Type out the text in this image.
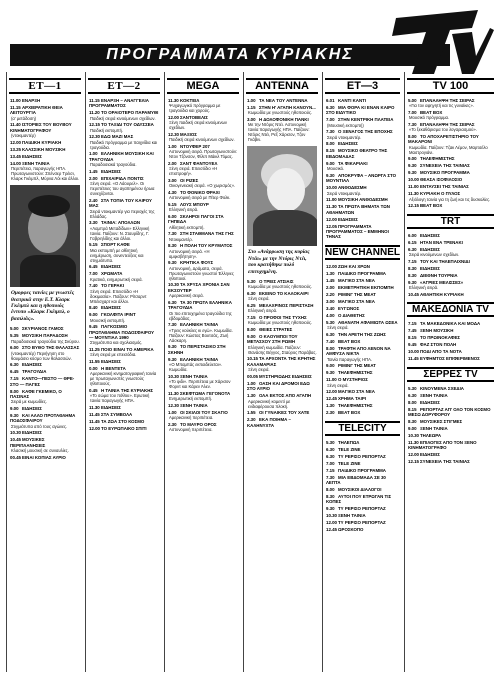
ΠΡΟΓΡΑΜΜΑΤΑ ΚΥΡΙΑΚΗΣ
ΕΤ—1
11.00ΕΝΑΡΞΗ
11.15ΑΡΧΙΕΡΑΤΙΚΗ ΘΕΙΑ ΛΕΙΤΟΥΡΓΙΑ
(α' μετάδοση)
11.40ΙΣΤΟΡΙΕΣ ΤΟΥ ΒΟΥΒΟΥ ΚΙΝΗΜΑΤΟΓΡΑΦΟΥ
(ντοκιμαντέρ)
12.00ΠΑΙΔΙΚΗ ΚΥΡΙΑΚΗ
13.25ΚΛΑΣΣΙΚΗ ΜΟΥΣΙΚΗ
13.45ΕΙΔΗΣΕΙΣ
14.00ΞΕΝΗ ΤΑΙΝΙΑ
Περιπέτεια, παραγωγής ΗΠΑ. Πρωταγωνιστούν: Σπένσερ Τρέισι, Κλαρκ Γκέιμπλ, Μύρνα Λόι και άλλοι.
Ομορφες ταινίες με γνωστές θεατρικά στην Ε.Τ. Κλαρκ Γκέιμπλ και η ηθοποιός έντυπο «Κλαρκ Γκέιμπλ, ο βασιλιάς».
5.00 ΣΚΥΡΙΑΝΟΣ ΓΑΜΟΣ
5.35 ΜΟΥΣΙΚΗ ΠΑΡΑΔΟΣΗ
Παραδοσιακά τραγούδια της Σκύρου.
6.00 ΣΤΟ ΒΥΘΟ ΤΗΣ ΘΑΛΑΣΣΑΣ
(ντοκιμαντέρ) Περιήγηση στο θαυμάσιο κόσμο των θαλασσών.
6.30 ΕΙΔΗΣΕΙΣ
6.45 ΤΡΑΓΟΥΔΙΑ
7.15 ΚΑΝΤΟ—ΠΕΣΤΟ — ΘΡΕ-ΣΤΟ — ΠΑΓΕΣ
8.00 ΚΑΦΕ ΓΚΕΜΙΚΟ, Ο ΠΑΣΙΝΑΣ
Σειρά με κωμωδίες.
9.00 ΕΙΔΗΣΕΙΣ
9.30 ΚΑΙ ΑΛΛΟ ΠΡΟΤΑΘΛΗΜΑ ΠΟΔΟΣΦΑΙΡΟΥ
Στιγμιότυπα από τους αγώνες.
10.30ΕΙΔΗΣΕΙΣ
10.45ΜΟΥΣΙΚΕΣ ΠΕΡΙΠΛΑΝΗΣΕΙΣ
Κλασική μουσική σε συναυλίες.
00.45ΕΙΝΑΙ ΚΟΠΙΑΣ ΑΥΡΙΟ
ΕΤ—2
11.15ΕΝΑΡΞΗ – ΑΝΑΓΓΕΛΙΑ ΠΡΟΓΡΑΜΜΑΤΟΣ
11.20ΤΟ ΟΡΑΙΟΤΕΡΟ ΠΑΡΑΜΥΘΙ
Παιδική σειρά κινούμενων σχεδίων.
12.15ΤΟ ΤΑΞΙΔΙ ΤΟΥ ΟΔΥΣΣΕΑ
Παιδική εκπομπή.
12.30ΕΔΩ ΜΑΖΙ ΜΑΣ
Παιδικό πρόγραμμα με παιχνίδια και τραγούδια.
1.00 ΕΛΛΗΝΙΚΗ ΜΟΥΣΙΚΗ ΚΑΙ ΤΡΑΓΟΥΔΙΑ
Παραδοσιακά τραγούδια.
1.45 ΕΙΔΗΣΕΙΣ
2.00 ΕΠΙΧΑΙΡΙΔΑ ΠΟΝΤΙΣ
Ξένη σειρά. «Ο Λάουρελ». Οι περιπέτειες του αγαπημένου ήρωα συνεχίζονται.
2.40 ΣΤΑ ΤΟΠΙΑ ΤΟΥ ΚΑΙΡΟΥ ΜΑΣ
Σειρά ντοκιμαντέρ για περιοχές της Ελλάδας.
3.30 ΤΑΙΝΙΑ: ΑΠΟΛΛΩΝ
«Λαμπρά Μεταδίδων» Ελληνική ταινία. Παίζουν: Ν. Σταυρίδης, Γ. Γαβριηλίδης και άλλοι.
5.15 ΣΠΟΡΤ ΚΑΦΕ
Μια εκπομπή με αθλητική ενημέρωση, συνεντεύξεις και στιγμιότυπα.
6.45 ΕΙΔΗΣΕΙΣ
7.00 ΧΡΩΜΑΤΑ
Κρατικά, ενημερωτική σειρά.
7.40 ΤΟ ΓΕΡΑΚΙ
Ξένη σειρά. Επεισόδιο «Η δοκιμασία». Παίζουν: Ρίτσαρντ Μπέισχαρτ και άλλοι.
8.40 ΕΙΔΗΣΕΙΣ
9.00 ΓΚΟΛΦΙΤΑ ΙΡΙΝΤ
Μουσική εκπομπή.
9.45 ΠΑΓΚΟΣΜΙΟ ΠΡΩΤΑΘΛΗΜΑ ΠΟΔΟΣΦΑΙΡΟΥ — ΜΟΥΝΤΙΑΛ 1990
Στιγμιότυπα και σχολιασμός.
11.25ΠΟΙΟ ΕΙΝΑΙ ΤΟ ΑΜΕΡΙΚΑ
Ξένη σειρά με επεισόδια.
11.55ΕΙΔΗΣΕΙΣ
0.00 Η ΒΕΝΤΕΤΑ
Αμερικανική κινηματογραφική ταινία με πρωταγωνιστές γνωστούς ηθοποιούς.
0.45 Η ΤΑΙΝΙΑ ΤΗΣ ΚΥΡΙΑΚΗΣ
«Το σώμα του πόθου». Ερωτική ταινία παραγωγής ΗΠΑ.
11.30ΕΙΔΗΣΕΙΣ
11.45ΣΤΑ ΣΥΜΒΟΛΑ
11.45ΤΑ ΖΩΑ ΣΤΟ ΚΟΣΜΟ
12.00ΤΟ ΕΥΡΩΠΑΙΚΟ ΣΠΙΤΙ
MEGA
11.30ΚΟΚΤΕΙΛ
Ψυχαγωγικό πρόγραμμα με τραγούδια και χορούς.
12.00ΣΑΝΤΟΒΕΛΙΣ
Ξένη παιδική σειρά κινούμενων σχεδίων.
12.30ΜΑΞΙΟΣ
Παιδική σειρά κινούμενων σχεδίων.
1.00 ΝΤΟΥΦΕΡ 207
Αστυνομική σειρά. Πρωταγωνιστούν: Ντον Τζόνσον, Φίλιπ Μάικλ Τόμας.
2.00 ΣΑΝΤ ΦΑΝΤΟΥΕΛ
Ξένη σειρά. Επεισόδιο «Η επιστροφή».
3.00 ΟΙ ΡΙΖΕΣ
Οικογενειακή σειρά. «Ο χωρισμός».
4.30 ΤΟ ΦΟΝΙΚΟ ΦΡΑΧΙ
Αστυνομική σειρά με Πίτερ Φολκ.
5.15 ΛΟΥΣ ΜΠΟΥΡ
Ελληνική σειρά.
6.00 ΣΚΛΗΡΟΙ ΠΑΓΟΙ ΣΤΑ ΓΗΠΕΔΑ
Αθλητική εκπομπή.
7.30 ΣΤΗ ΣΤΑΘΜΑΝΑ ΤΗΣ ΓΗΣ
Ντοκιμαντέρ.
8.30 Η ΠΟΛΗ ΤΟΥ ΚΡΥΜΑΤΟΣ
Αστυνομική σειρά. «Η αμφισβήτηση».
9.30 ΚΡΗΤΙΚΑ ΦΟΥΣ
Αστυνομική, Δράματα, σειρά. Πρωταγωνιστούν γνωστοί Έλληνες ηθοποιοί.
10.30ΤΑ ΧΡΥΣΑ ΧΡΟΝΙΑ ΣΑΝ ΕΚΣΟΥΤΕΡ
Αμερικανική σειρά.
6.30 ΤΑ 30 ΠΡΩΤΑ ΕΛΛΗΝΙΚΑ ΤΡΑΓΟΥΔΙΑ
Οι πιο επιτυχημένα τραγούδια της εβδομάδας.
7.30 ΕΛΛΗΝΙΚΗ ΤΑΙΝΙΑ
«Τρεις κούκλες κι εγώ». Κωμωδία. Παίζουν: Κώστας Βουτσάς, Ζωή Λάσκαρη.
9.30 ΤΟ ΠΕΡΙΣΤΑΣΙΚΟ ΣΤΗ ΣΚΗΝΗ
9.30 ΕΛΛΗΝΙΚΗ ΤΑΙΝΙΑ
«Ο Μπαμπάς εκπαιδεύεται». Κωμωδία.
10.30ΞΕΝΗ ΤΑΙΝΙΑ
«Το φιδι». Περιπέτεια με Χάρισον Φορντ και Κάρεν Άλεν.
11.30ΣΚΕΦΤΩΜΑ ΓΕΓΟΝΟΤΑ
Ενημερωτική εκπομπή.
12.30ΞΕΝΗ ΤΑΙΝΙΑ
1.00 ΟΙ ΣΚΙΛΟΙ ΤΟΥ ΣΚΑΓΙΟ
Αμερικανική περιπέτεια.
2.30 ΤΟ ΜΑΥΡΟ ΟΡΟΣ
Αστυνομική περιπέτεια.
ANTENNA
1.00 ΤΑ ΝΕΑ ΤΟΥ ΑΝΤΕΝΝΑ
1.15 ΣΤΗΝ Η' ΑΓΑΠΗ ΚΑΝΟΥΝ...
Κωμωδία με γνωστούς ηθοποιούς.
3.00 Η ΔΟΛΟΦΟΝΙΚΗ ΠΑΝΚΙ
Με την Ντόρις Ντέι. Αστυνομική ταινία παραγωγής ΗΠΑ. Παίζουν: Ντόρις Ντέι, Ρεξ Χάρισον, Τζον Γκάβιν.
Στο «Ανάρρωση της κυρίας Ντάι» με την Ντόρις Ντέι, που κρατήθηκε πολύ επιτυχημένη.
5.30 Ο ΤΡΕΙΣ ΑΤΣΙΑΙΣ
Κωμωδία με γνωστούς ηθοποιούς.
6.30 ΕΚΕΙΝΟ ΤΟ ΚΑΛΟΚΑΙΡΙ
Ξένη σειρά.
6.25 ΜΕΛΑΧΡΙΝΟΣ ΠΕΡΙΣΤΑΣΗ
Ελληνική σειρά.
7.15 Ο ΠΡΟΦΟΙ ΤΗΣ ΤΥΧΗΣ
Κωμωδία με γνωστούς ηθοποιούς.
8.00 ΘΕΙΕΣ ΣΤΡΑΤΕΣ
9.00 Ο ΚΑΟΥΜΠΟΙ ΤΟΥ ΜΕΤΑΣΧΟΥ ΣΤΗ ΡΩΜΗ
Ελληνική κωμωδία. Παίζουν: Θανάσης Βέγγος, Σταύρος Παράβας.
10.15ΤΑ ΑΡΧΟΝΤΑ ΤΗΣ ΚΡΗΤΗΣ ΚΑΛΑΜΑΡΙΑΣ
Ξένη σειρά.
00.05ΜΥΣΤΗΡΙΩΔΗΣ ΕΙΔΗΣΕΙΣ
1.00 ΟΑΣΗ ΚΑΙ ΔΡΟΜΟΙ ΕΔΩ ΣΤΟ ΑΥΡΙΟ
1.30 ΟΛΑ ΕΚΤΟΣ ΑΠΟ ΑΓΑΠΗ
Αμερικανική κομεντί με ενδιαφέρουσα πλοκή.
1.55 ΟΙ ΓΥΝΑΙΚΕΣ ΤΟΥ ΧΑΤΕ
2.30 ΕΚΑ ΠΟΙΗΜΑ – ΚΑΛΗΝΥΧΤΑ
ΕΤ—3
6.01 ΚΑΝΤΙ ΚΑΝΤΙ
6.30 ΜΙΑ ΦΟΡΑ ΚΙ ΕΝΑΝ ΚΑΙΡΟ ΣΤΟ ΕΙΔΥΤΙΚΟ
7.00 ΣΤΗΝ ΚΕΝΤΡΙΚΗ ΠΛΑΤΕΙΑ
(Μουσική εκπομπή)
7.30 Ο ΞΕΝΑΓΟΣ ΤΗΣ ΕΠΟΧΗΣ
Σειρά ντοκιμαντέρ.
8.00 ΕΙΔΗΣΕΙΣ
8.15 ΜΟΥΣΙΚΟ ΘΕΑΤΡΟ ΤΗΣ ΕΒΔΟΜΑΔΑΣ
9.00 ΤΑ ΦΙΚΑΡΙΑΚΙ
Μουσικό.
9.30 ΑΠΟΚΡΥΦΑ – ΑΝΩΡΓΑ ΣΤΟ ΜΟΥΝΤΙΑΛ
10.00ΑΝΘΟΔΕΣΜΗ
Σειρά ντοκιμαντέρ.
11.00ΜΟΥΣΙΚΗ ΑΝΘΟΔΕΣΜΗ
11.30ΤΑ ΠΡΩΤΑ ΒΗΜΑΤΑ ΤΩΝ ΑΘΛΗΜΑΤΩΝ
12.00ΕΙΔΗΣΕΙΣ
12.05ΠΡΟΓΡΑΜΜΑΤΑ ΠΡΟΓΡΑΜΜΑΤΟΣ – ΕΜΜΗΝΟΙ ΤΗΝΑΣ
NEW CHANNEL
12.00ΖΩΗ ΚΑΙ ΧΡΩΝ
1.30 ΠΑΙΔΙΚΟ ΠΡΟΓΡΑΜΜΑ
1.45 ΜΑΓΙΚΟ ΣΤΑ ΝΕΑ
2.00 ΕΚΜΕΤΡΗΤΙΚΗ ΕΚΠΟΜΠΗ
2.20 ΡΙΜΙΝΓ ΤΗΣ ΜΕΑΤ
3.00 ΜΑΓΙΚΟ ΣΤΑ ΝΕΑ
3.40 ΕΥΓΩΝΟΣ
4.00 Ο ΔΙΑΘΕΤΗΣ
5.30 ΑΘΑΝΑΤΗ ΑΦΑΜΙΩΤΑ ΩΣΕΑ
Ξένη σειρά.
6.30 ΤΗΝ ΑΡΕΤΗ ΤΗΣ ΖΩΗΣ
7.40 BEAT BOX
8.00 ΤΡΑΦΤΗ ΑΠΟ ΛΕΝΟΝ ΝΑ ΑΜΦΥΣΑ ΝΙΚΤΑ
Ταινία παραγωγής ΗΠΑ.
9.00 ΡΙΜΙΝΓ ΤΗΣ ΜΕΑΤ
9.30 ΤΗΛΕΦΗΜΙΣΤΗΣ
11.00Ο ΜΥΣΤΗΡΙΟΣ
Ξένη σειρά.
12.00ΜΑΓΙΚΟ ΣΤΑ ΝΕΑ
12.45ΧΡΗΜΑ ΤΑΙΡΙ
1.30 ΤΗΛΕΦΗΜΙΣΤΗΣ
2.30 BEAT BOX
TELECITY
5.30 ΤΗΛΕΠΩΛ
6.30 TELE ZINE
6.30 ΤΥ ΡΕΡΙΣΟ ΡΕΠΟΡΤΑΖ
7.00 TELE ZINE
7.15 ΠΑΙΔΙΚΟ ΠΡΟΓΡΑΜΜΑ
7.30 ΜΙΑ ΕΒΔΟΜΑΔΑ ΣΕ 30 ΛΕΠΤΑ
8.00 ΜΟΥΣΙΚΟΙ ΔΙΑΛΟΓΟΙ
8.30 ΑΥΤΟΙ ΠΟΥ ΕΤΡΩΓΑΝ ΤΙΣ ΚΟΠΕΣ
9.30 ΤΥ ΡΕΡΙΣΟ ΡΕΠΟΡΤΑΖ
10.30ΞΕΝΗ ΤΑΙΝΙΑ
12.00ΤΥ ΡΕΡΙΣΟ ΡΕΠΟΡΤΑΖ
12.45ΩΡΟΣΚΟΠΟ
TV 100
5.00 ΕΠΑΝΑΛΗΨΗ ΤΗΣ ΣΕΙΡΑΣ
«Για τον αφηγητή και τις γυναίκες».
7.00 BEAT BOX
Μουσικό πρόγραμμα.
7.30 ΕΠΑΝΑΛΗΨΗ ΤΗΣ ΣΕΙΡΑΣ
«Το ξεκαθάρισμα του λογαριασμού».
8.00 ΤΟ ΑΠΟΧΑΡΕΤΙΣΤΗΡΙΟ ΤΟΥ ΜΑΚΑΡΟΝΙ
Κωμωδία. Παίζουν: Τζακ Λέμον, Μαρτσέλο Μαστρογιάνι.
9.00 ΤΗΛΕΦΗΜΙΣΤΗΣ
9.30 ΣΥΝΕΧΕΙΑ ΤΗΣ ΤΑΙΝΙΑΣ
9.30 ΜΟΥΣΙΚΟ ΠΡΟΓΡΑΜΜΑ
10.00ΘΕΑΣΑ ΙΣΟΦΙΛΟΣΙΟ
11.00ΕΝΤΑΥΣΕΙ ΤΗΣ ΤΑΙΝΙΑΣ
11.30ΚΥΡΙΑΚΗ Ο ΠΥΛΟΣ
Αξιόλογη ταινία για τη ζωή και τις δυσκολίες.
12.15BEAT BOX
TRT
6.00 ΕΙΔΗΣΕΙΣ
6.15 ΗΤΑΝ ΕΝΑ ΤΡΕΝΑΚΙ
6.30 ΕΙΔΗΣΕΙΣ
Σειρά κινούμενων σχεδίων.
7.15 ΤΟΥ ΚΑΙ ΤΗΛΕΠΑΙΧΝΙΔΙ
8.30 ΕΙΔΗΣΕΙΣ
8.30 ΔΙΕΘΝΗ ΤΟΥΡΝΙΑ
9.30 «ΑΓΡΙΕΣ ΜΕΛΙΣΣΕΣ»
Ελληνική σειρά.
10.45ΑΘΛΗΤΙΚΗ ΚΥΡΙΑΚΗ
ΜΑΚΕΔΟΝΙΑ TV
7.15 ΤΑ ΜΑΚΕΔΟΝΙΚΑ ΚΑΙ ΜΟΔΑ
7.45 ΞΕΝΗ ΜΟΥΣΙΚΗ
8.15 ΤΟ ΠΡΩΙΝΟΚΑΦΕΣ
9.45 ΦΑΖ ΣΤΟΝ ΠΟΛΗ
10.00ΠΟΔΙ ΑΠΟ ΤΑ ΝΟΤΑ
11.45ΕΥΦΗΜΤΟΣ ΕΠΙΦΕΡΙΜΕΝΟΣ
ΣΕΡΡΕΣ TV
5.30 ΚΙΝΟΥΜΕΝΑ ΣΧΕΔΙΑ
6.30 ΞΕΝΗ ΤΑΙΝΙΑ
8.00 ΕΙΔΗΣΕΙΣ
8.15 ΡΕΠΟΡΤΑΖ ΑΠ' ΟΛΟ ΤΟΝ ΚΟΣΜΟ ΜΕΣΩ ΔΟΡΥΦΟΡΟΥ
8.30 ΜΟΥΣΙΚΕΣ ΣΤΙΓΜΕΣ
9.00 ΞΕΝΗ ΤΑΙΝΙΑ
10.30ΤΗΛΕΩΡΑ
11.30ΕΠΙΛΟΓΕΣ ΑΠΟ ΤΟΝ ΞΕΝΟ ΚΙΝΗΜΑΤΟΓΡΑΦΟ
12.00ΕΙΔΗΣΕΙΣ
12.15ΣΥΝΕΧΕΙΑ ΤΗΣ ΤΑΙΝΙΑΣ
